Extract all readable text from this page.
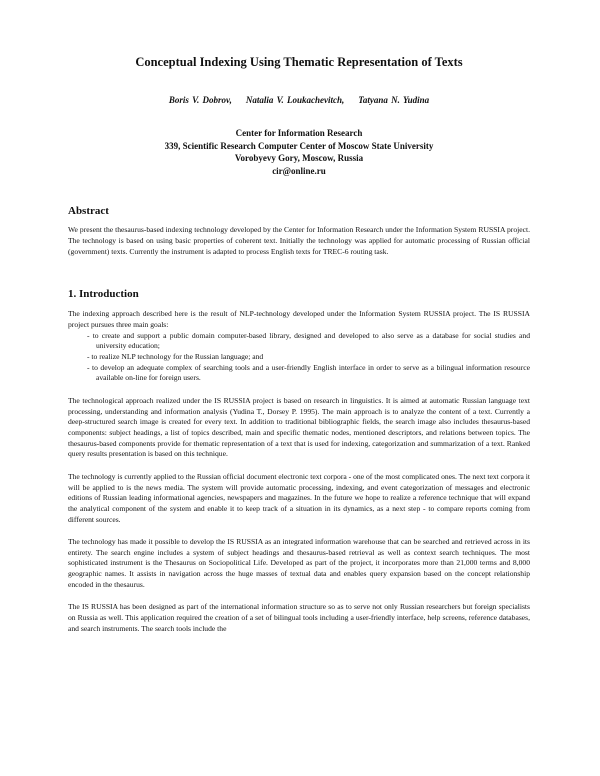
Conceptual Indexing Using Thematic Representation of Texts
Boris V. Dobrov, Natalia V. Loukachevitch, Tatyana N. Yudina
Center for Information Research
339, Scientific Research Computer Center of Moscow State University
Vorobyevy Gory, Moscow, Russia
cir@online.ru
Abstract

We present the thesaurus-based indexing technology developed by the Center for Information Research under the Information System RUSSIA project. The technology is based on using basic properties of coherent text. Initially the technology was applied for automatic processing of Russian official (government) texts. Currently the instrument is adapted to process English texts for TREC-6 routing task.

1. Introduction

The indexing approach described here is the result of NLP-technology developed under the Information System RUSSIA project. The IS RUSSIA project pursues three main goals:

- to create and support a public domain computer-based library, designed and developed to also serve as a database for social studies and university education;
- to realize NLP technology for the Russian language; and
- to develop an adequate complex of searching tools and a user-friendly English interface in order to serve as a bilingual information resource available on-line for foreign users.

The technological approach realized under the IS RUSSIA project is based on research in linguistics. It is aimed at automatic Russian language text processing, understanding and information analysis (Yudina T., Dorsey P. 1995). The main approach is to analyze the content of a text. Currently a deep-structured search image is created for every text. In addition to traditional bibliographic fields, the search image also includes thesaurus-based components: subject headings, a list of topics described, main and specific thematic nodes, mentioned descriptors, and relations between topics. The thesaurus-based components provide for thematic representation of a text that is used for indexing, categorization and summarization of a text. Ranked query results presentation is based on this technique.

The technology is currently applied to the Russian official document electronic text corpora - one of the most complicated ones. The next text corpora it will be applied to is the news media. The system will provide automatic processing, indexing, and event categorization of messages and electronic editions of Russian leading informational agencies, newspapers and magazines. In the future we hope to realize a reference technique that will expand the analytical component of the system and enable it to keep track of a situation in its dynamics, as a next step - to compare reports coming from different sources.

The technology has made it possible to develop the IS RUSSIA as an integrated information warehouse that can be searched and retrieved across in its entirety. The search engine includes a system of subject headings and thesaurus-based retrieval as well as context search techniques. The most sophisticated instrument is the Thesaurus on Sociopolitical Life. Developed as part of the project, it incorporates more than 21,000 terms and 8,000 geographic names. It assists in navigation across the huge masses of textual data and enables query expansion based on the concept relationship encoded in the thesaurus.

The IS RUSSIA has been designed as part of the international information structure so as to serve not only Russian researchers but foreign specialists on Russia as well. This application required the creation of a set of bilingual tools including a user-friendly interface, help screens, reference databases, and search instruments. The search tools include the
